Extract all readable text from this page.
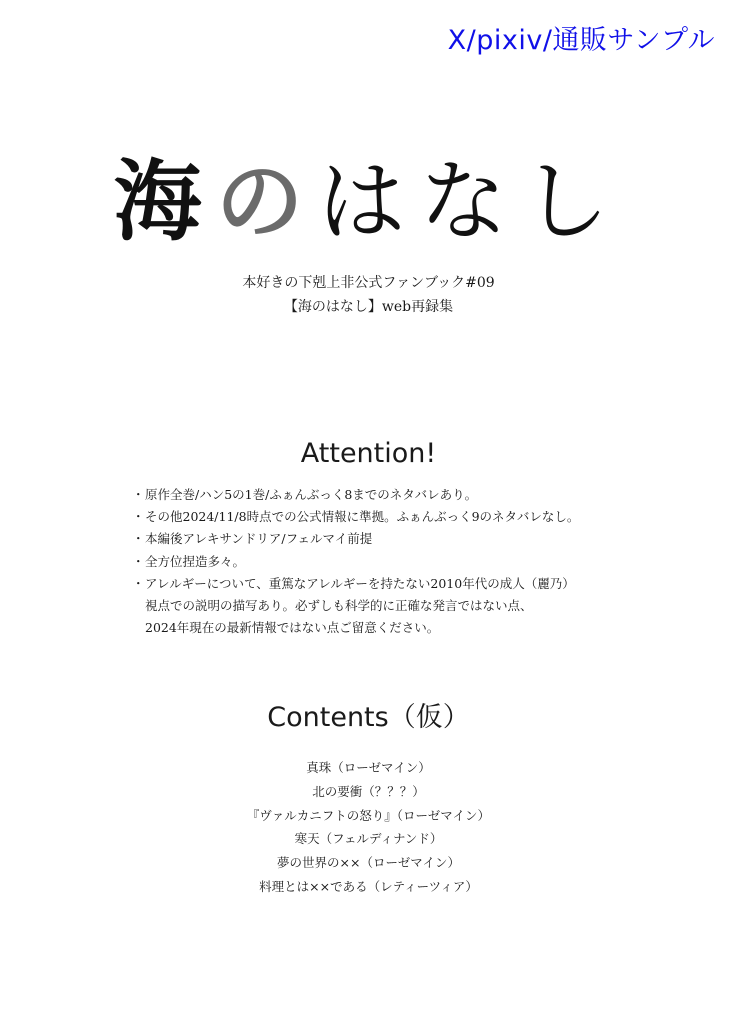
X/pixiv/通販サンプル
海のはなし
本好きの下剋上非公式ファンブック#09
【海のはなし】web再録集
Attention!
・ 原作全巻/ハン5の1巻/ふぁんぶっく8までのネタバレあり。
・ その他2024/11/8時点での公式情報に準拠。ふぁんぶっく9のネタバレなし。
・ 本編後アレキサンドリア/フェルマイ前提
・ 全方位捏造多々。
・ アレルギーについて、重篤なアレルギーを持たない2010年代の成人（麗乃）
視点での説明の描写あり。必ずしも科学的に正確な発言ではない点、
2024年現在の最新情報ではない点ご留意ください。
Contents（仮）
真珠（ローゼマイン）
北の要衝（？？？）
『ヴァルカニフトの怒り』（ローゼマイン）
寒天（フェルディナンド）
夢の世界の××（ローゼマイン）
料理とは××である（レティーツィア）
